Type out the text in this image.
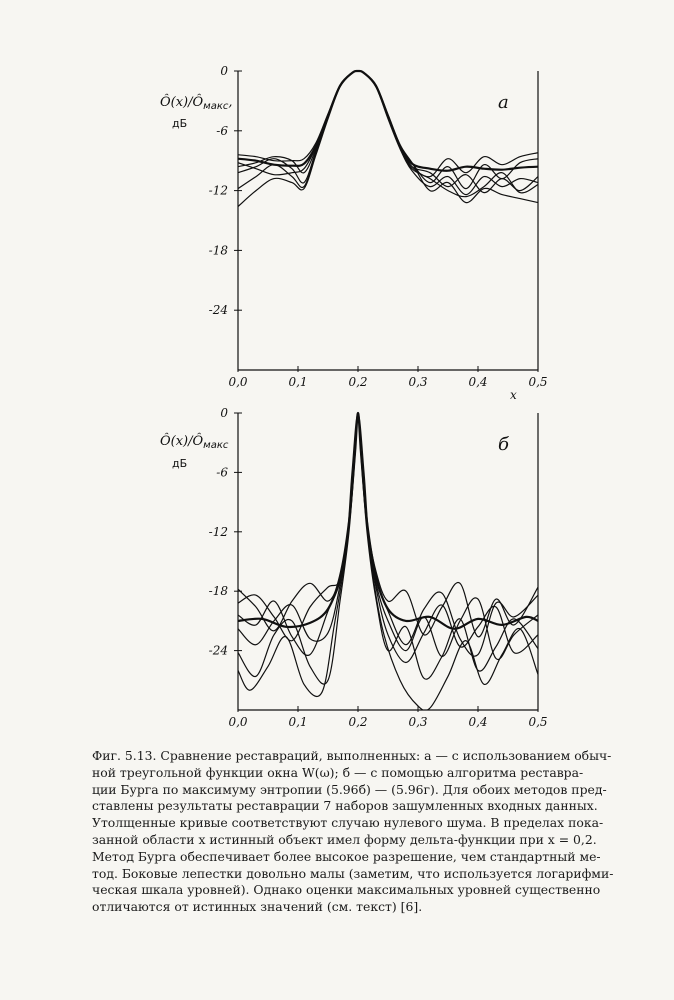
0
-6
-12
-18
-24
0,0	0,1	0,2	0,3	0,4	0,5
$Ô(x)/Ô_{макс}$,
дБ
x
а
0
-6
-12
-18
-24
0,0	0,1	0,2	0,3	0,4	0,5
$Ô(x)/Ô_{макс}$
дБ
б

Фиг. 5.13. Сравнение реставраций, выполненных: а — с использованием обыч-
ной треугольной функции окна W(ω); б — с помощью алгоритма реставра-
ции Бурга по максимуму энтропии (5.96б) — (5.96г). Для обоих методов пред-
ставлены результаты реставрации 7 наборов зашумленных входных данных.
Утолщенные кривые соответствуют случаю нулевого шума. В пределах пока-
занной области x истинный объект имел форму дельта-функции при x = 0,2.
Метод Бурга обеспечивает более высокое разрешение, чем стандартный ме-
тод. Боковые лепестки довольно малы (заметим, что используется логарифми-
ческая шкала уровней). Однако оценки максимальных уровней существенно
отличаются от истинных значений (см. текст) [6].
